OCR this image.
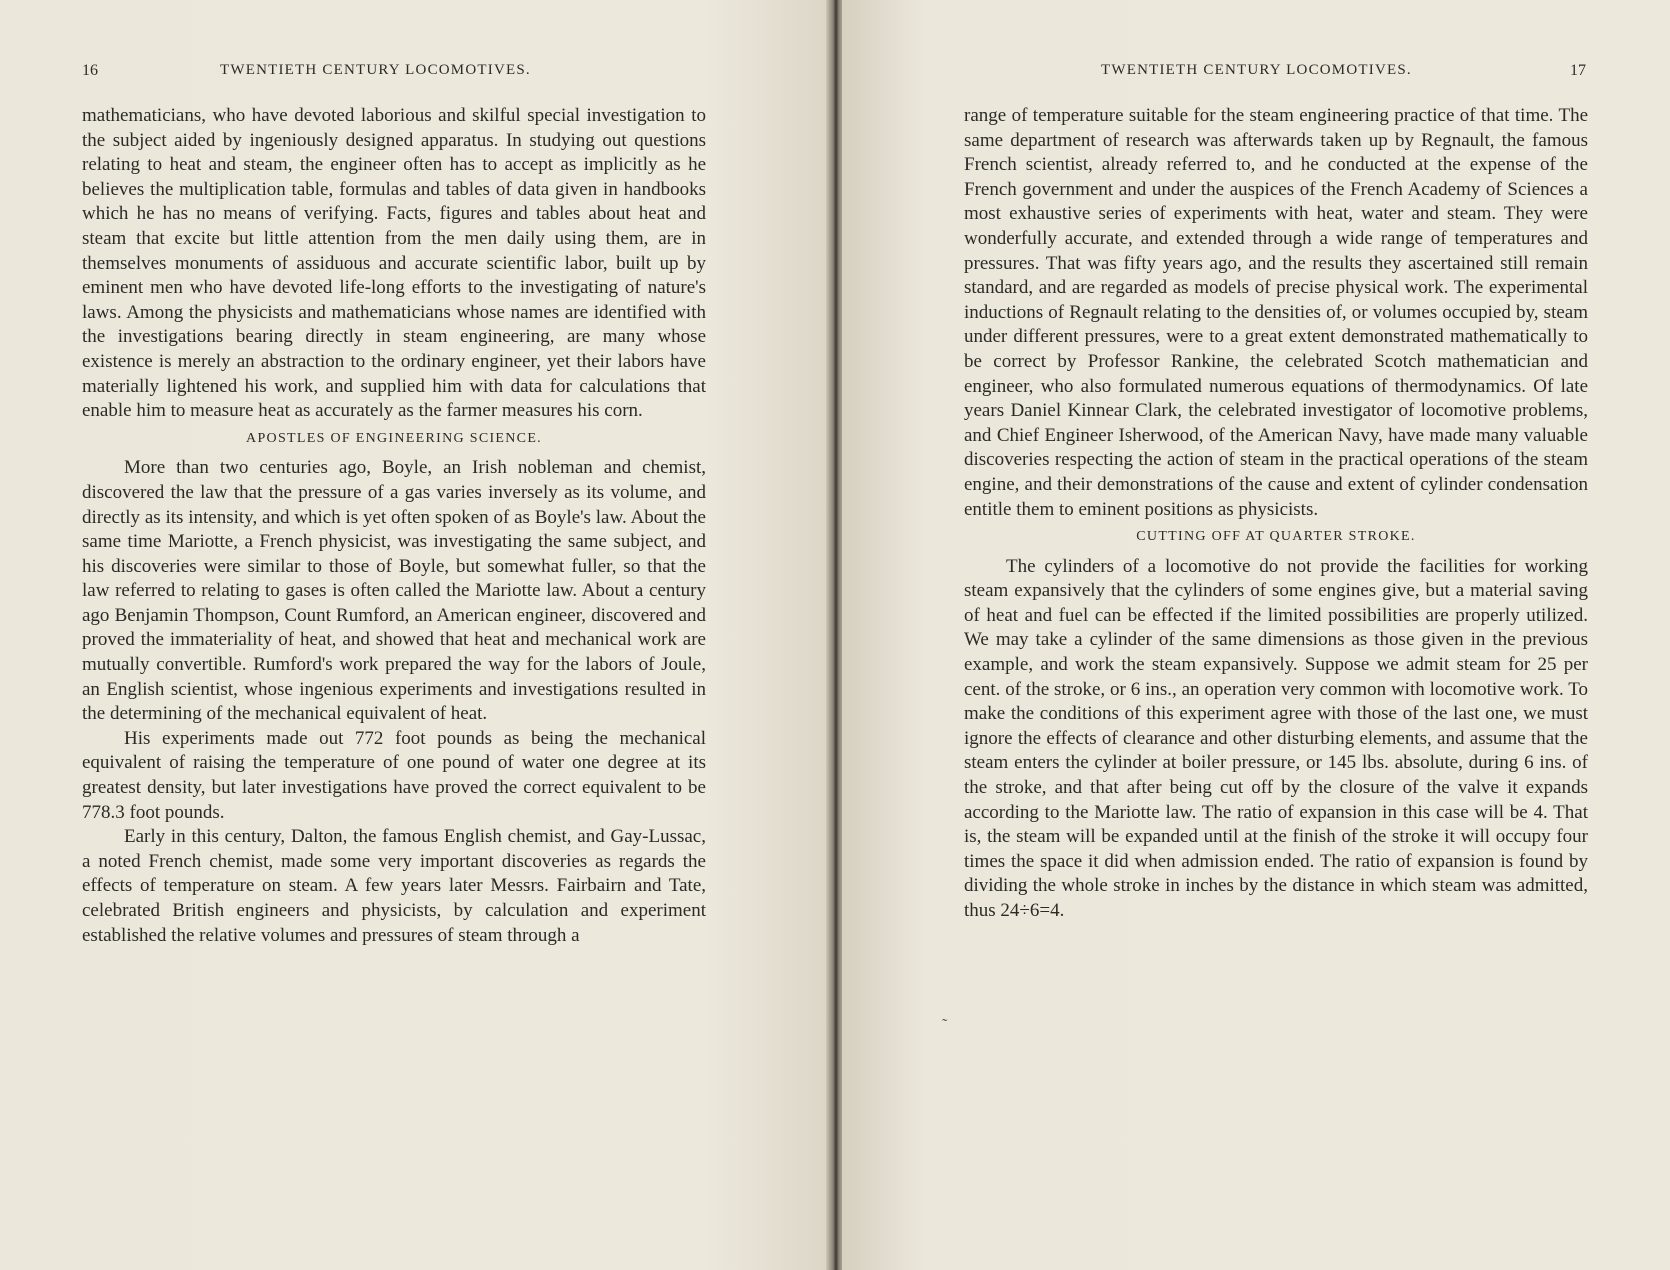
16	TWENTIETH CENTURY LOCOMOTIVES.

mathematicians, who have devoted laborious and skilful special investigation to the subject aided by ingeniously designed apparatus. In studying out questions relating to heat and steam, the engineer often has to accept as implicitly as he believes the multiplication table, formulas and tables of data given in handbooks which he has no means of verifying. Facts, figures and tables about heat and steam that excite but little attention from the men daily using them, are in themselves monuments of assiduous and accurate scientific labor, built up by eminent men who have devoted life-long efforts to the investigating of nature's laws. Among the physicists and mathematicians whose names are identified with the investigations bearing directly in steam engineering, are many whose existence is merely an abstraction to the ordinary engineer, yet their labors have materially lightened his work, and supplied him with data for calculations that enable him to measure heat as accurately as the farmer measures his corn.

APOSTLES OF ENGINEERING SCIENCE.

More than two centuries ago, Boyle, an Irish nobleman and chemist, discovered the law that the pressure of a gas varies inversely as its volume, and directly as its intensity, and which is yet often spoken of as Boyle's law. About the same time Mariotte, a French physicist, was investigating the same subject, and his discoveries were similar to those of Boyle, but somewhat fuller, so that the law referred to relating to gases is often called the Mariotte law. About a century ago Benjamin Thompson, Count Rumford, an American engineer, discovered and proved the immateriality of heat, and showed that heat and mechanical work are mutually convertible. Rumford's work prepared the way for the labors of Joule, an English scientist, whose ingenious experiments and investigations resulted in the determining of the mechanical equivalent of heat.

His experiments made out 772 foot pounds as being the mechanical equivalent of raising the temperature of one pound of water one degree at its greatest density, but later investigations have proved the correct equivalent to be 778.3 foot pounds.

Early in this century, Dalton, the famous English chemist, and Gay-Lussac, a noted French chemist, made some very important discoveries as regards the effects of temperature on steam. A few years later Messrs. Fairbairn and Tate, celebrated British engineers and physicists, by calculation and experiment established the relative volumes and pressures of steam through a

TWENTIETH CENTURY LOCOMOTIVES.	17

range of temperature suitable for the steam engineering practice of that time. The same department of research was afterwards taken up by Regnault, the famous French scientist, already referred to, and he conducted at the expense of the French government and under the auspices of the French Academy of Sciences a most exhaustive series of experiments with heat, water and steam. They were wonderfully accurate, and extended through a wide range of temperatures and pressures. That was fifty years ago, and the results they ascertained still remain standard, and are regarded as models of precise physical work. The experimental inductions of Regnault relating to the densities of, or volumes occupied by, steam under different pressures, were to a great extent demonstrated mathematically to be correct by Professor Rankine, the celebrated Scotch mathematician and engineer, who also formulated numerous equations of thermodynamics. Of late years Daniel Kinnear Clark, the celebrated investigator of locomotive problems, and Chief Engineer Isherwood, of the American Navy, have made many valuable discoveries respecting the action of steam in the practical operations of the steam engine, and their demonstrations of the cause and extent of cylinder condensation entitle them to eminent positions as physicists.

CUTTING OFF AT QUARTER STROKE.

The cylinders of a locomotive do not provide the facilities for working steam expansively that the cylinders of some engines give, but a material saving of heat and fuel can be effected if the limited possibilities are properly utilized. We may take a cylinder of the same dimensions as those given in the previous example, and work the steam expansively. Suppose we admit steam for 25 per cent. of the stroke, or 6 ins., an operation very common with locomotive work. To make the conditions of this experiment agree with those of the last one, we must ignore the effects of clearance and other disturbing elements, and assume that the steam enters the cylinder at boiler pressure, or 145 lbs. absolute, during 6 ins. of the stroke, and that after being cut off by the closure of the valve it expands according to the Mariotte law. The ratio of expansion in this case will be 4. That is, the steam will be expanded until at the finish of the stroke it will occupy four times the space it did when admission ended. The ratio of expansion is found by dividing the whole stroke in inches by the distance in which steam was admitted, thus 24÷6=4.

˷
